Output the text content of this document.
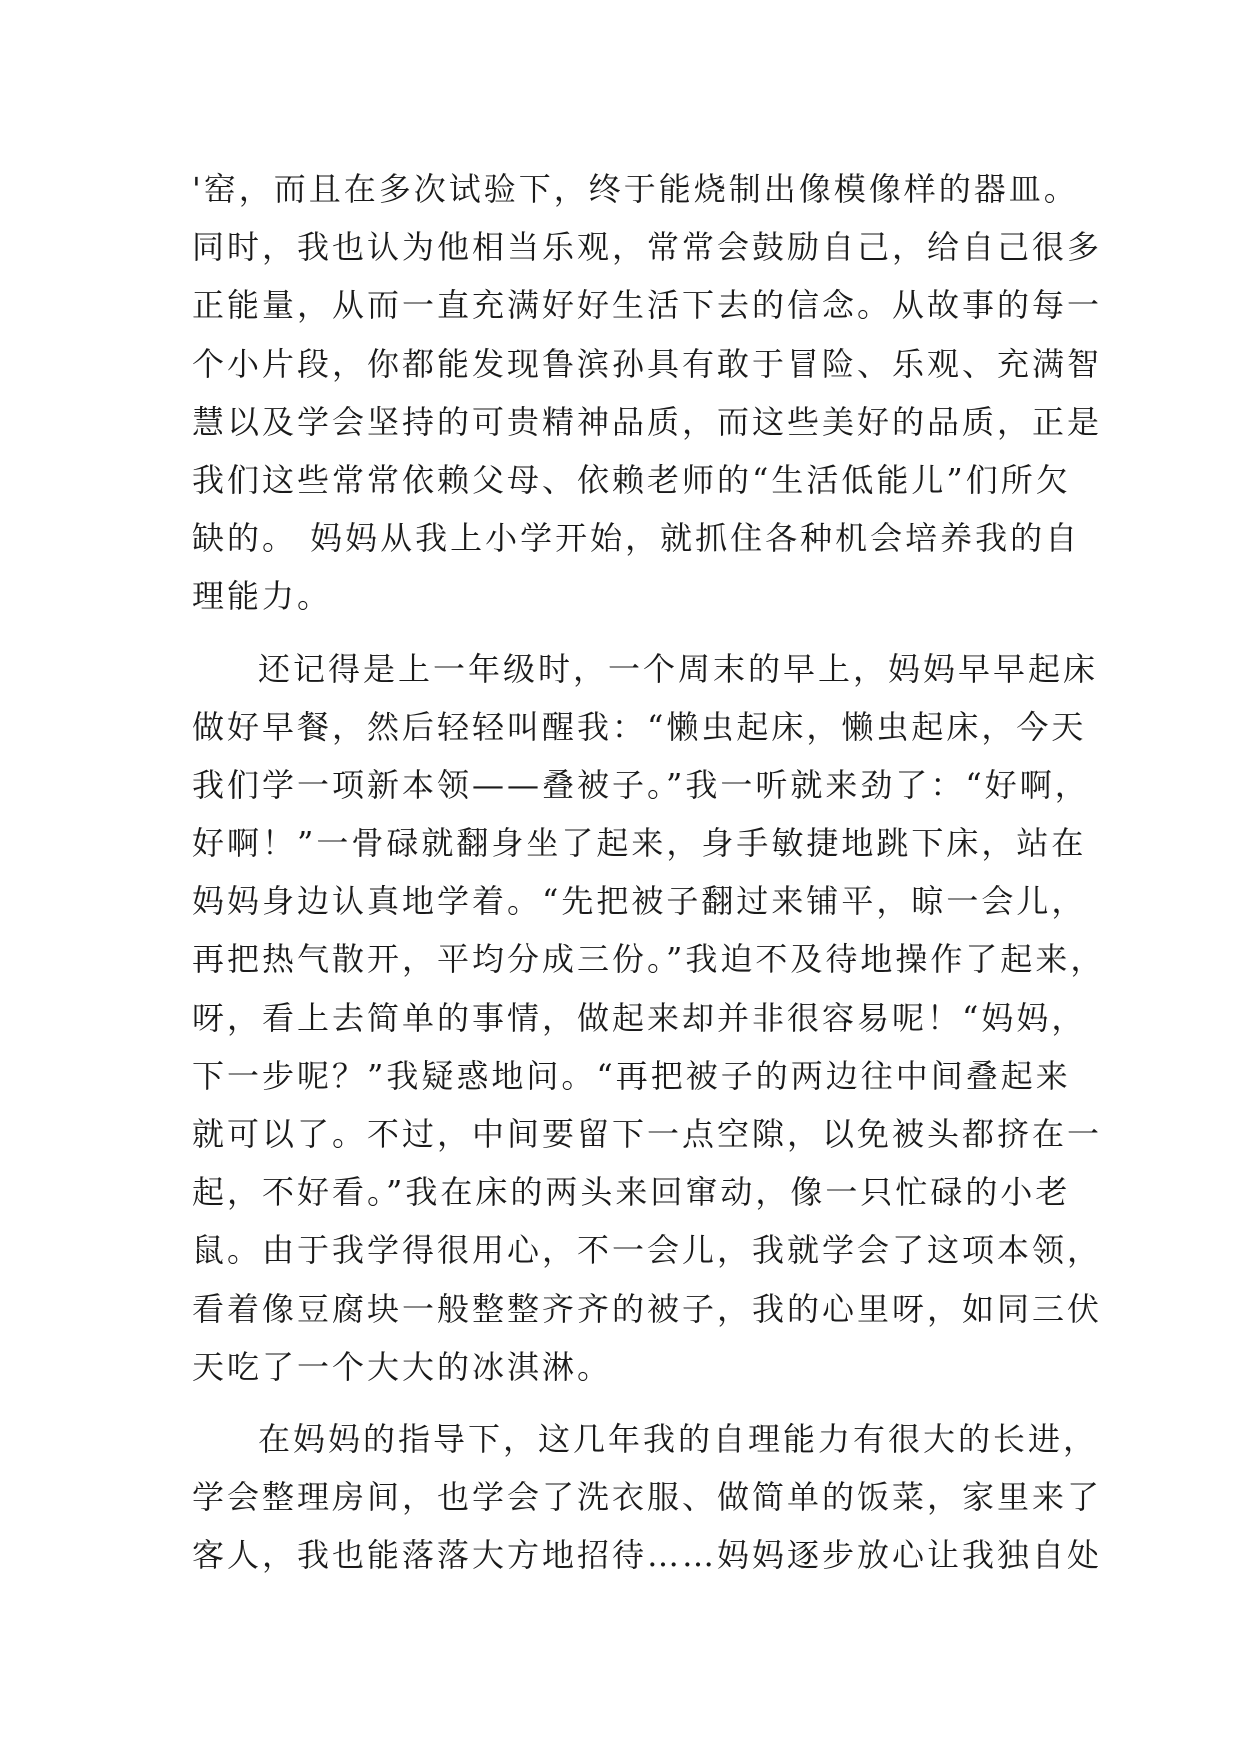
'窑，而且在多次试验下，终于能烧制出像模像样的器皿。
同时，我也认为他相当乐观，常常会鼓励自己，给自己很多
正能量，从而一直充满好好生活下去的信念。从故事的每一
个小片段，你都能发现鲁滨孙具有敢于冒险、乐观、充满智
慧以及学会坚持的可贵精神品质，而这些美好的品质，正是
我们这些常常依赖父母、依赖老师的“生活低能儿”们所欠
缺的。 妈妈从我上小学开始，就抓住各种机会培养我的自
理能力。
还记得是上一年级时，一个周末的早上，妈妈早早起床
做好早餐，然后轻轻叫醒我：“懒虫起床，懒虫起床，今天
我们学一项新本领——叠被子。”我一听就来劲了：“好啊，
好啊！”一骨碌就翻身坐了起来，身手敏捷地跳下床，站在
妈妈身边认真地学着。“先把被子翻过来铺平，晾一会儿，
再把热气散开，平均分成三份。”我迫不及待地操作了起来，
呀，看上去简单的事情，做起来却并非很容易呢！“妈妈，
下一步呢？”我疑惑地问。“再把被子的两边往中间叠起来
就可以了。不过，中间要留下一点空隙，以免被头都挤在一
起，不好看。”我在床的两头来回窜动，像一只忙碌的小老
鼠。由于我学得很用心，不一会儿，我就学会了这项本领，
看着像豆腐块一般整整齐齐的被子，我的心里呀，如同三伏
天吃了一个大大的冰淇淋。
在妈妈的指导下，这几年我的自理能力有很大的长进，
学会整理房间，也学会了洗衣服、做简单的饭菜，家里来了
客人，我也能落落大方地招待……妈妈逐步放心让我独自处
